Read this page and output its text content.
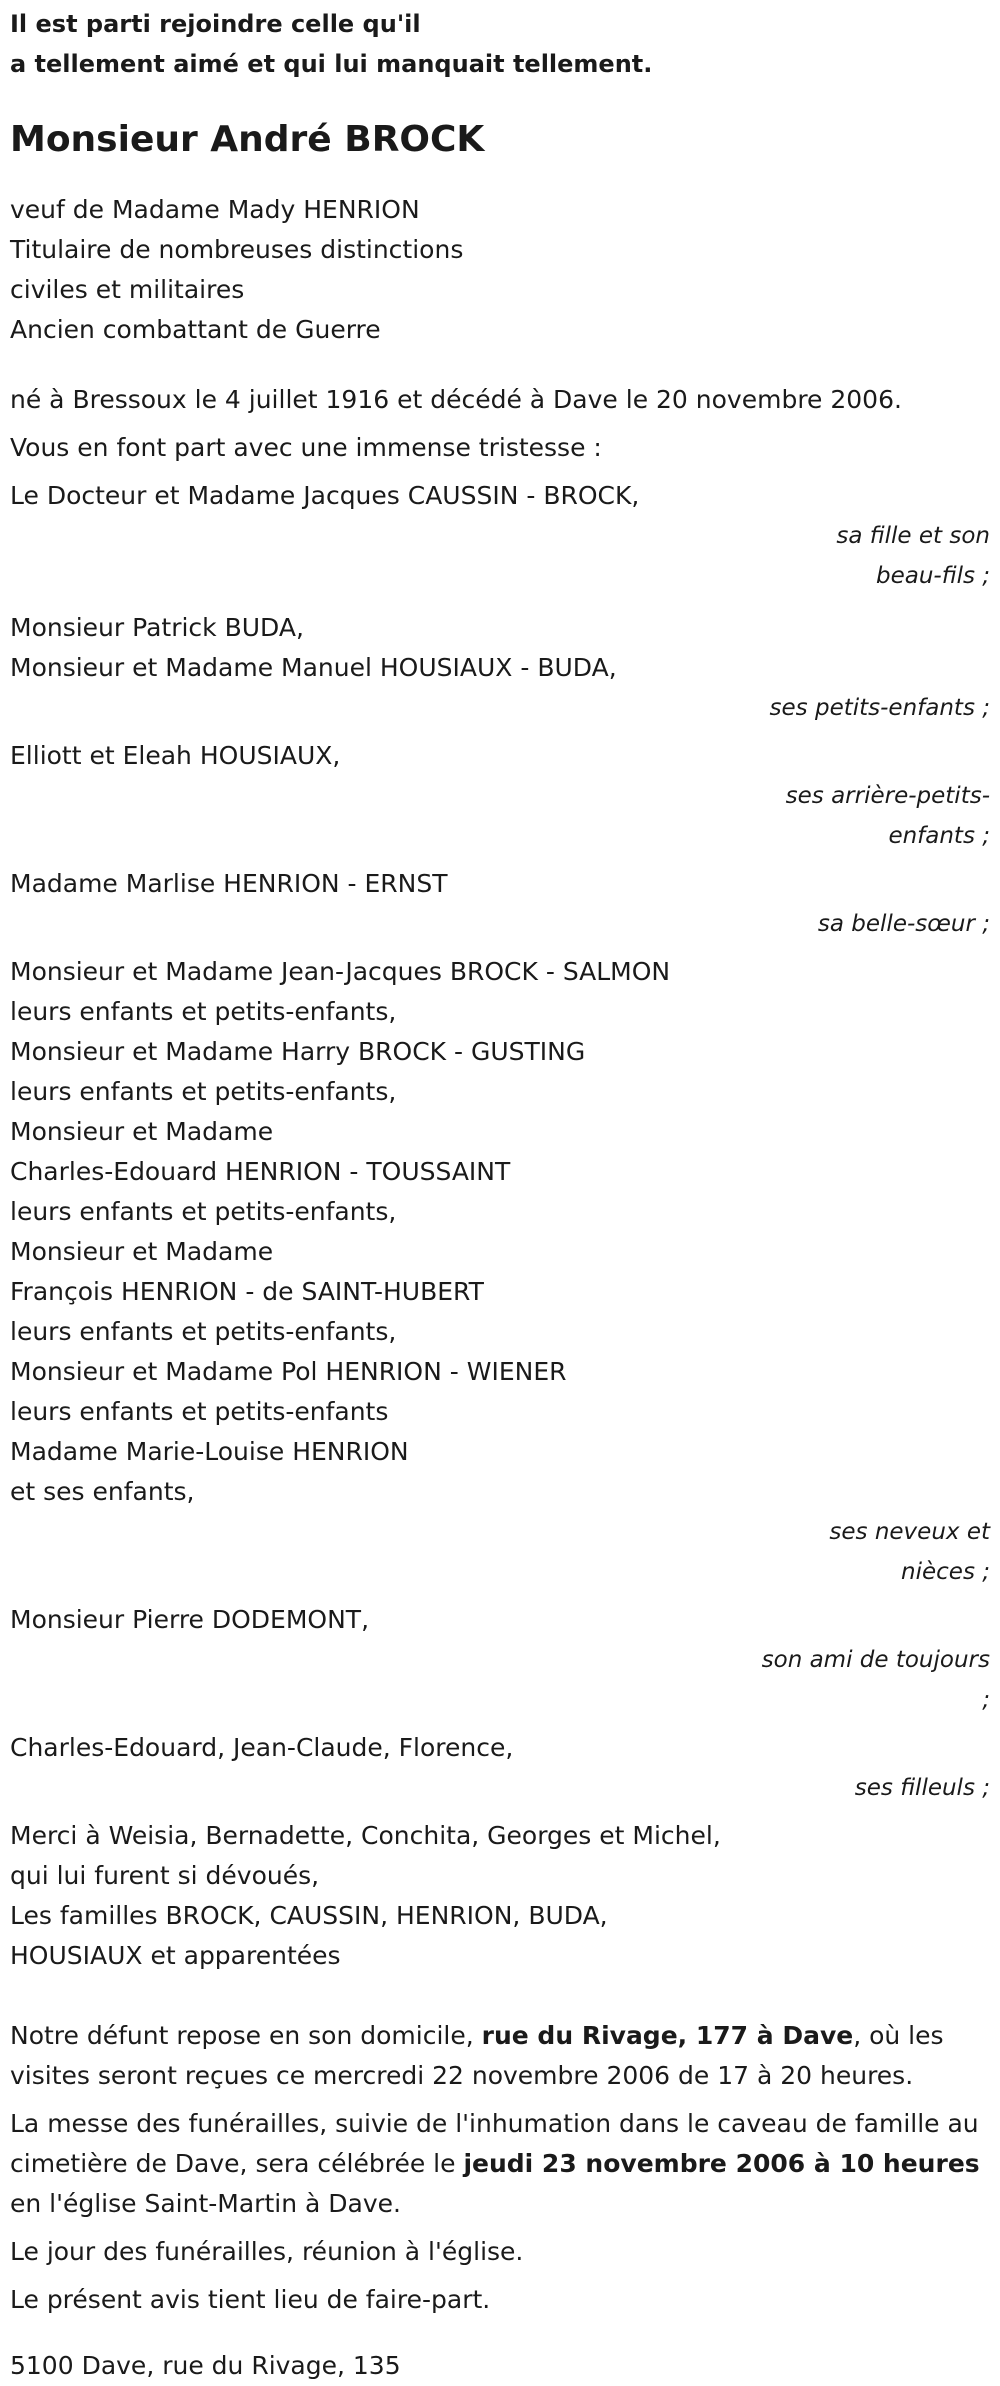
Il est parti rejoindre celle qu'il
a tellement aimé et qui lui manquait tellement.
Monsieur André BROCK
veuf de Madame Mady HENRION
Titulaire de nombreuses distinctions
civiles et militaires
Ancien combattant de Guerre
né à Bressoux le 4 juillet 1916 et décédé à Dave le 20 novembre 2006.
Vous en font part avec une immense tristesse :
Le Docteur et Madame Jacques CAUSSIN - BROCK,
sa fille et son
beau-fils ;
Monsieur Patrick BUDA,
Monsieur et Madame Manuel HOUSIAUX - BUDA,
ses petits-enfants ;
Elliott et Eleah HOUSIAUX,
ses arrière-petits-
enfants ;
Madame Marlise HENRION - ERNST
sa belle-sœur ;
Monsieur et Madame Jean-Jacques BROCK - SALMON
leurs enfants et petits-enfants,
Monsieur et Madame Harry BROCK - GUSTING
leurs enfants et petits-enfants,
Monsieur et Madame
Charles-Edouard HENRION - TOUSSAINT
leurs enfants et petits-enfants,
Monsieur et Madame
François HENRION - de SAINT-HUBERT
leurs enfants et petits-enfants,
Monsieur et Madame Pol HENRION - WIENER
leurs enfants et petits-enfants
Madame Marie-Louise HENRION
et ses enfants,
ses neveux et
nièces ;
Monsieur Pierre DODEMONT,
son ami de toujours
;
Charles-Edouard, Jean-Claude, Florence,
ses filleuls ;
Merci à Weisia, Bernadette, Conchita, Georges et Michel,
qui lui furent si dévoués,
Les familles BROCK, CAUSSIN, HENRION, BUDA,
HOUSIAUX et apparentées
Notre défunt repose en son domicile, rue du Rivage, 177 à Dave, où les visites seront reçues ce mercredi 22 novembre 2006 de 17 à 20 heures.
La messe des funérailles, suivie de l'inhumation dans le caveau de famille au cimetière de Dave, sera célébrée le jeudi 23 novembre 2006 à 10 heures en l'église Saint-Martin à Dave.
Le jour des funérailles, réunion à l'église.
Le présent avis tient lieu de faire-part.
5100 Dave, rue du Rivage, 135
